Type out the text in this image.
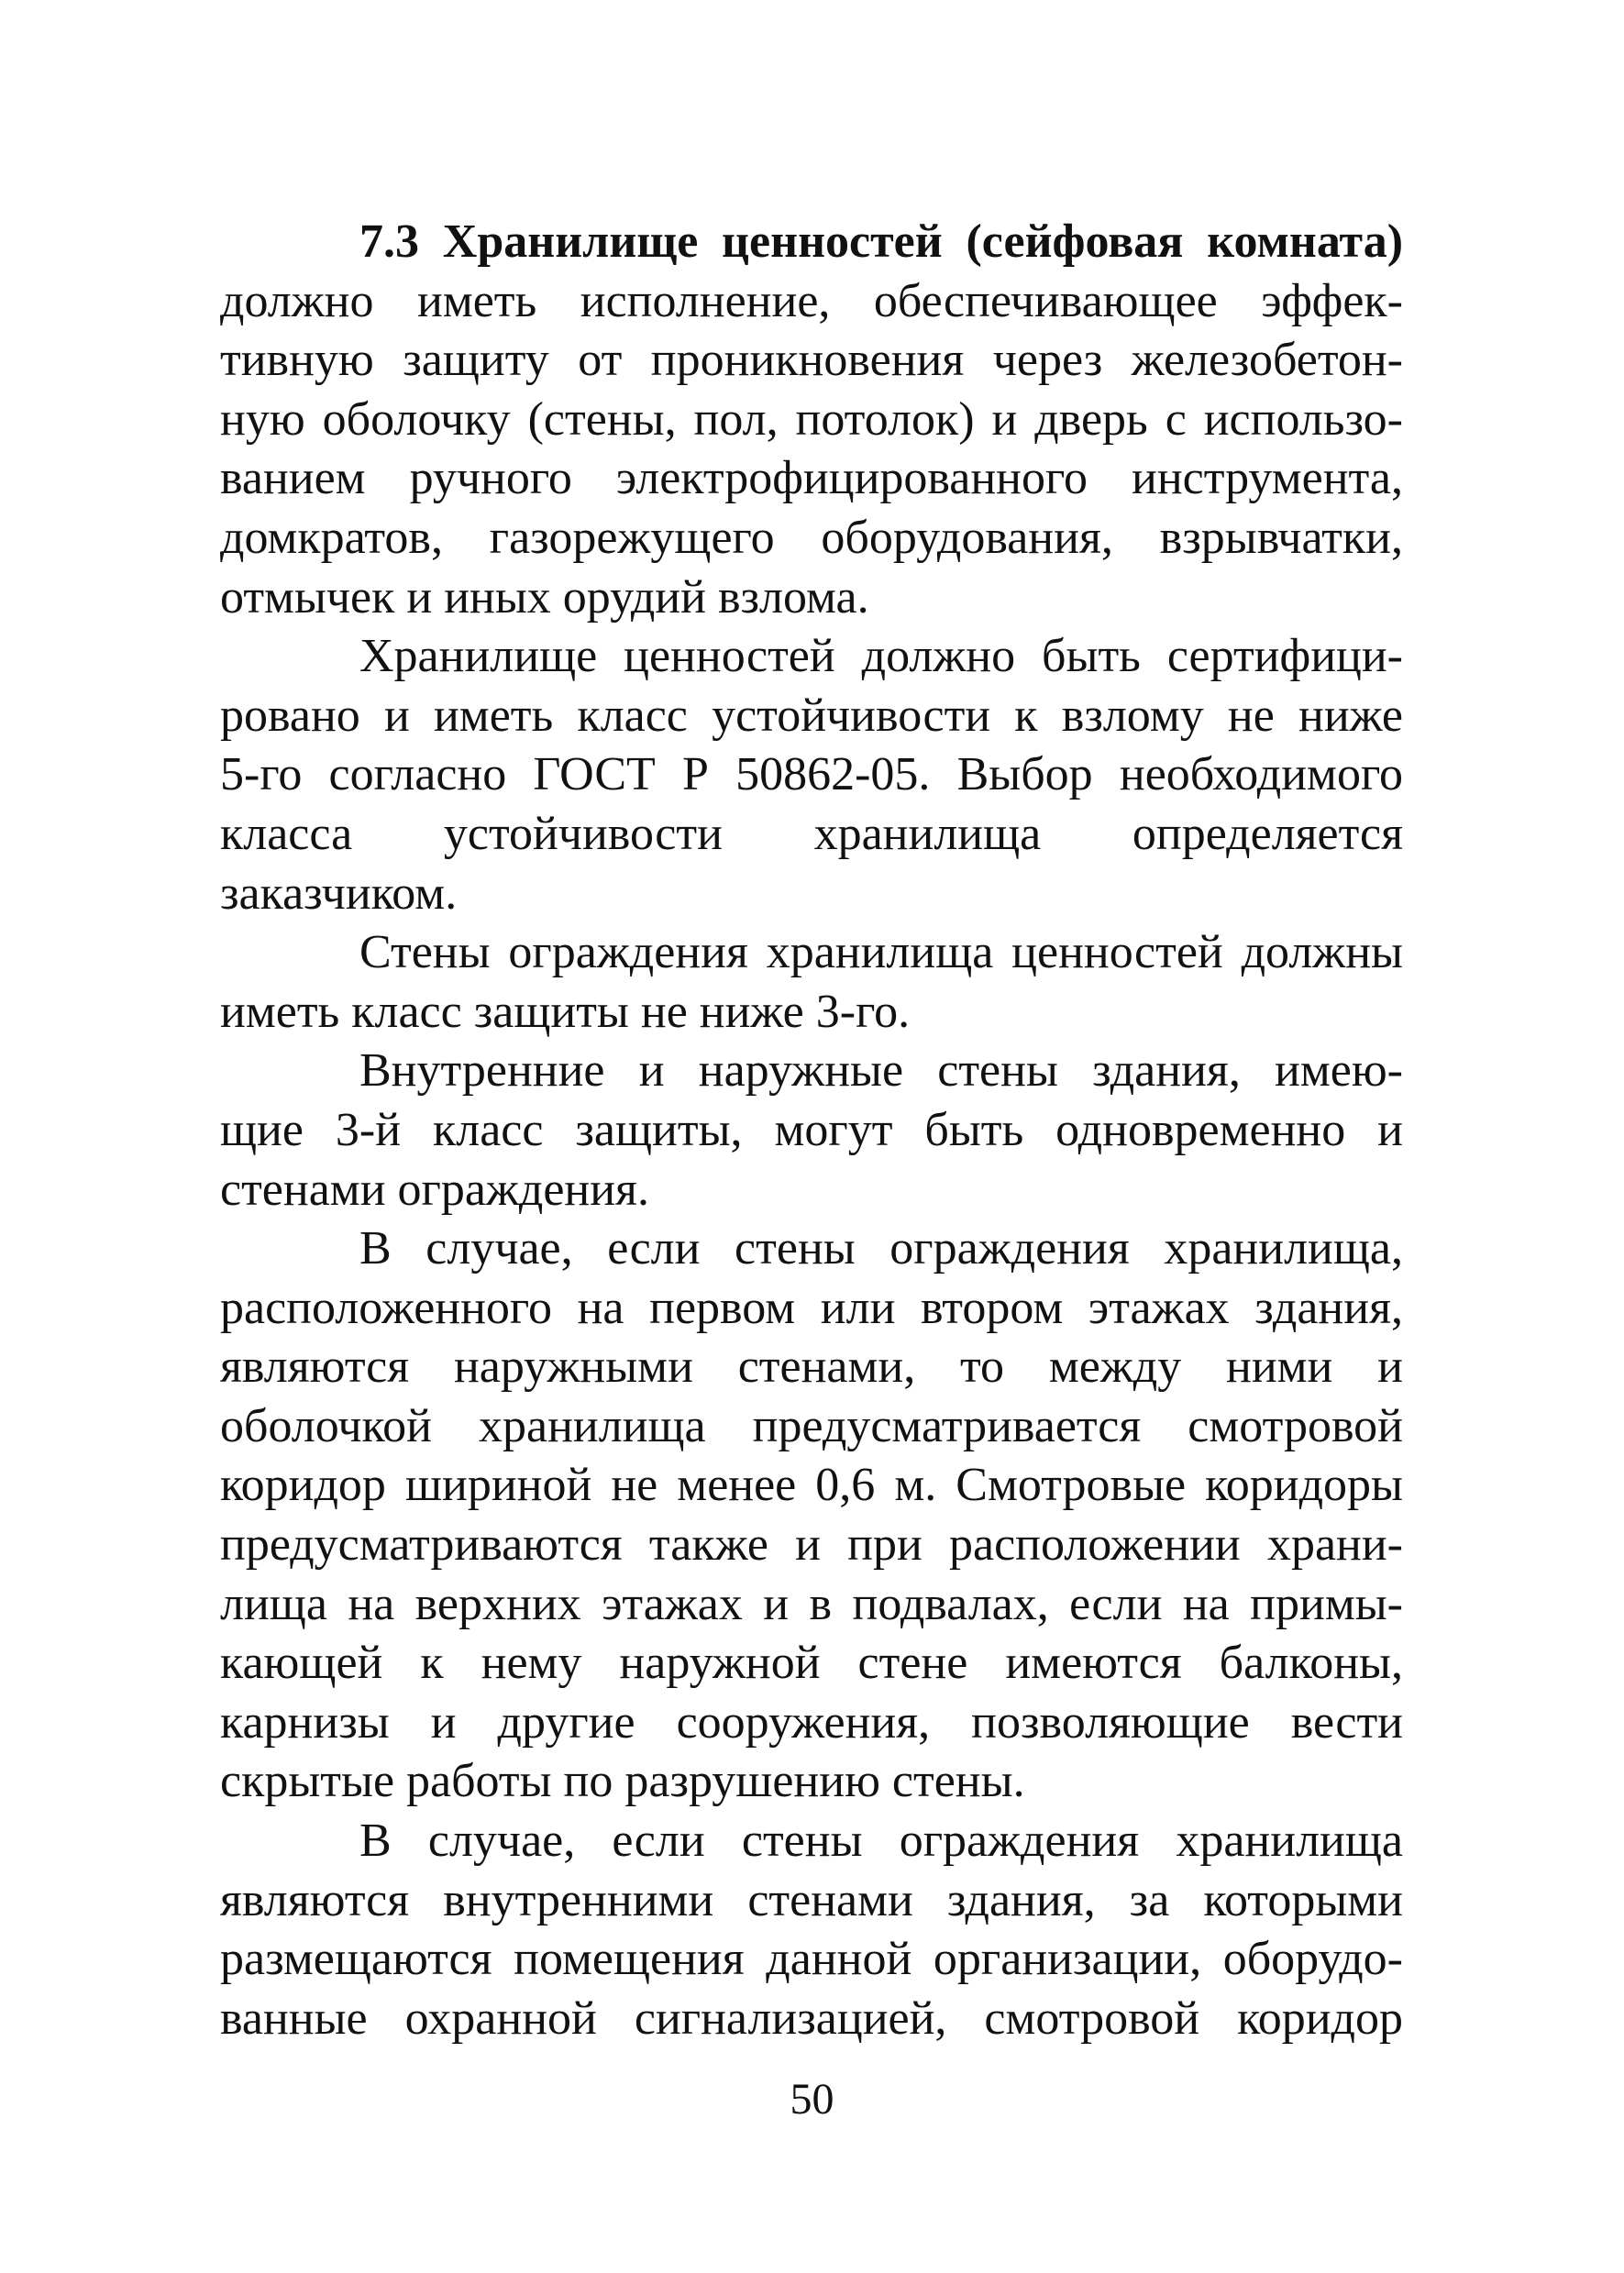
7.3 Хранилище ценностей (сейфовая комната)
должно иметь исполнение, обеспечивающее эффек-
тивную защиту от проникновения через железобетон-
ную оболочку (стены, пол, потолок) и дверь с использо-
ванием ручного электрофицированного инструмента,
домкратов, газорежущего оборудования, взрывчатки,
отмычек и иных орудий взлома.
Хранилище ценностей должно быть сертифици-
ровано и иметь класс устойчивости к взлому не ниже
5-го согласно ГОСТ Р 50862-05. Выбор необходимого
класса устойчивости хранилища определяется
заказчиком.
Стены ограждения хранилища ценностей должны
иметь класс защиты не ниже 3-го.
Внутренние и наружные стены здания, имею-
щие 3-й класс защиты, могут быть одновременно и
стенами ограждения.
В случае, если стены ограждения хранилища,
расположенного на первом или втором этажах здания,
являются наружными стенами, то между ними и
оболочкой хранилища предусматривается смотровой
коридор шириной не менее 0,6 м. Смотровые коридоры
предусматриваются также и при расположении храни-
лища на верхних этажах и в подвалах, если на примы-
кающей к нему наружной стене имеются балконы,
карнизы и другие сооружения, позволяющие вести
скрытые работы по разрушению стены.
В случае, если стены ограждения хранилища
являются внутренними стенами здания, за которыми
размещаются помещения данной организации, оборудо-
ванные охранной сигнализацией, смотровой коридор
50
